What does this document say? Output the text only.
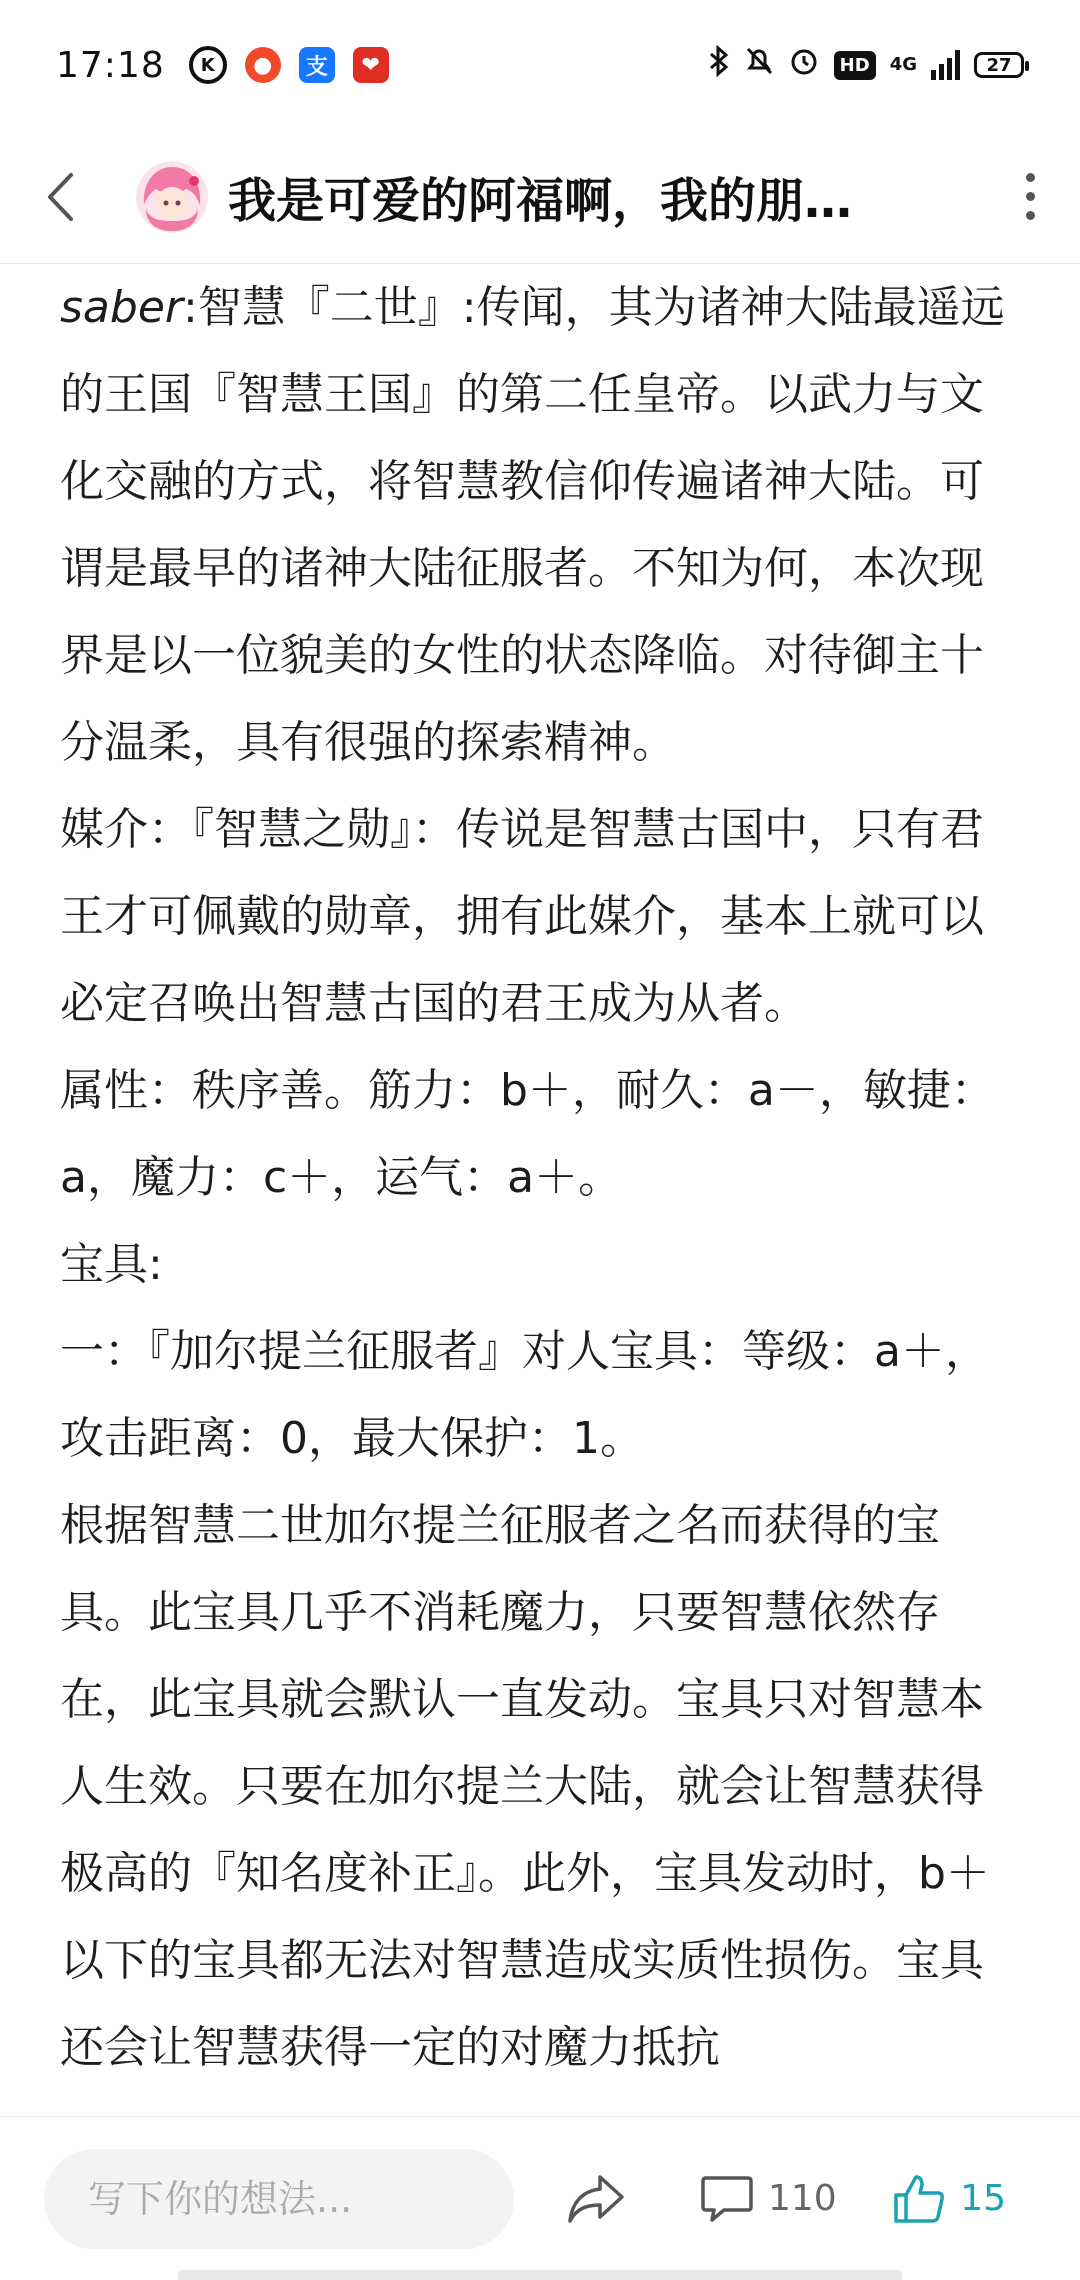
17:18	K	●	支	❤	HD	4G	27
我是可爱的阿福啊，我的朋…

saber:智慧『二世』:传闻，其为诸神大陆最遥远的王国『智慧王国』的第二任皇帝。以武力与文化交融的方式，将智慧教信仰传遍诸神大陆。可谓是最早的诸神大陆征服者。不知为何，本次现界是以一位貌美的女性的状态降临。对待御主十分温柔，具有很强的探索精神。

媒介：『智慧之勋』：传说是智慧古国中，只有君王才可佩戴的勋章，拥有此媒介，基本上就可以必定召唤出智慧古国的君王成为从者。

属性：秩序善。筋力：b＋，耐久：a－，敏捷：a，魔力：c＋，运气：a＋。

宝具:

一：『加尔提兰征服者』对人宝具：等级：a＋，攻击距离：0，最大保护：1。

根据智慧二世加尔提兰征服者之名而获得的宝具。此宝具几乎不消耗魔力，只要智慧依然存在，此宝具就会默认一直发动。宝具只对智慧本人生效。只要在加尔提兰大陆，就会让智慧获得极高的『知名度补正』。此外，宝具发动时，b＋以下的宝具都无法对智慧造成实质性损伤。宝具还会让智慧获得一定的对魔力抵抗

写下你的想法...
110	15
